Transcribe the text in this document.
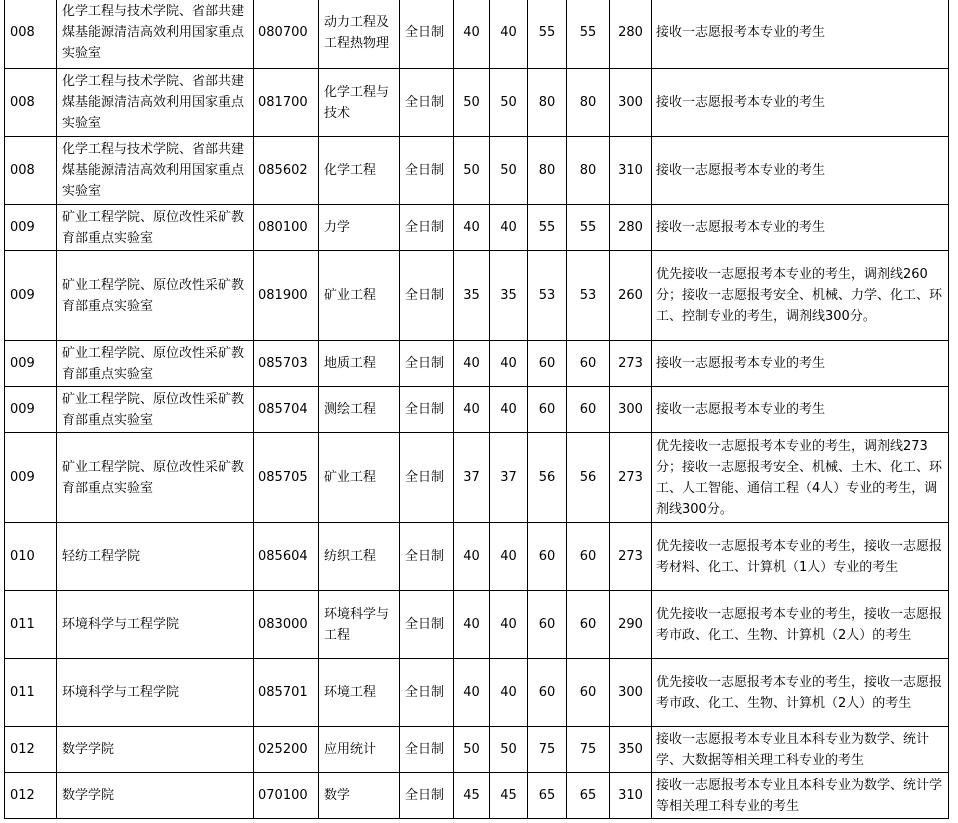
008	化学工程与技术学院、省部共建煤基能源清洁高效利用国家重点实验室	080700	动力工程及工程热物理	全日制	40	40	55	55	280	接收一志愿报考本专业的考生
008	化学工程与技术学院、省部共建煤基能源清洁高效利用国家重点实验室	081700	化学工程与技术	全日制	50	50	80	80	300	接收一志愿报考本专业的考生
008	化学工程与技术学院、省部共建煤基能源清洁高效利用国家重点实验室	085602	化学工程	全日制	50	50	80	80	310	接收一志愿报考本专业的考生
009	矿业工程学院、原位改性采矿教育部重点实验室	080100	力学	全日制	40	40	55	55	280	接收一志愿报考本专业的考生
009	矿业工程学院、原位改性采矿教育部重点实验室	081900	矿业工程	全日制	35	35	53	53	260	优先接收一志愿报考本专业的考生，调剂线260分；接收一志愿报考安全、机械、力学、化工、环工、控制专业的考生，调剂线300分。
009	矿业工程学院、原位改性采矿教育部重点实验室	085703	地质工程	全日制	40	40	60	60	273	接收一志愿报考本专业的考生
009	矿业工程学院、原位改性采矿教育部重点实验室	085704	测绘工程	全日制	40	40	60	60	300	接收一志愿报考本专业的考生
009	矿业工程学院、原位改性采矿教育部重点实验室	085705	矿业工程	全日制	37	37	56	56	273	优先接收一志愿报考本专业的考生，调剂线273分；接收一志愿报考安全、机械、土木、化工、环工、人工智能、通信工程（4人）专业的考生，调剂线300分。
010	轻纺工程学院	085604	纺织工程	全日制	40	40	60	60	273	优先接收一志愿报考本专业的考生，接收一志愿报考材料、化工、计算机（1人）专业的考生
011	环境科学与工程学院	083000	环境科学与工程	全日制	40	40	60	60	290	优先接收一志愿报考本专业的考生，接收一志愿报考市政、化工、生物、计算机（2人）的考生
011	环境科学与工程学院	085701	环境工程	全日制	40	40	60	60	300	优先接收一志愿报考本专业的考生，接收一志愿报考市政、化工、生物、计算机（2人）的考生
012	数学学院	025200	应用统计	全日制	50	50	75	75	350	接收一志愿报考本专业且本科专业为数学、统计学、大数据等相关理工科专业的考生
012	数学学院	070100	数学	全日制	45	45	65	65	310	接收一志愿报考本专业且本科专业为数学、统计学等相关理工科专业的考生
